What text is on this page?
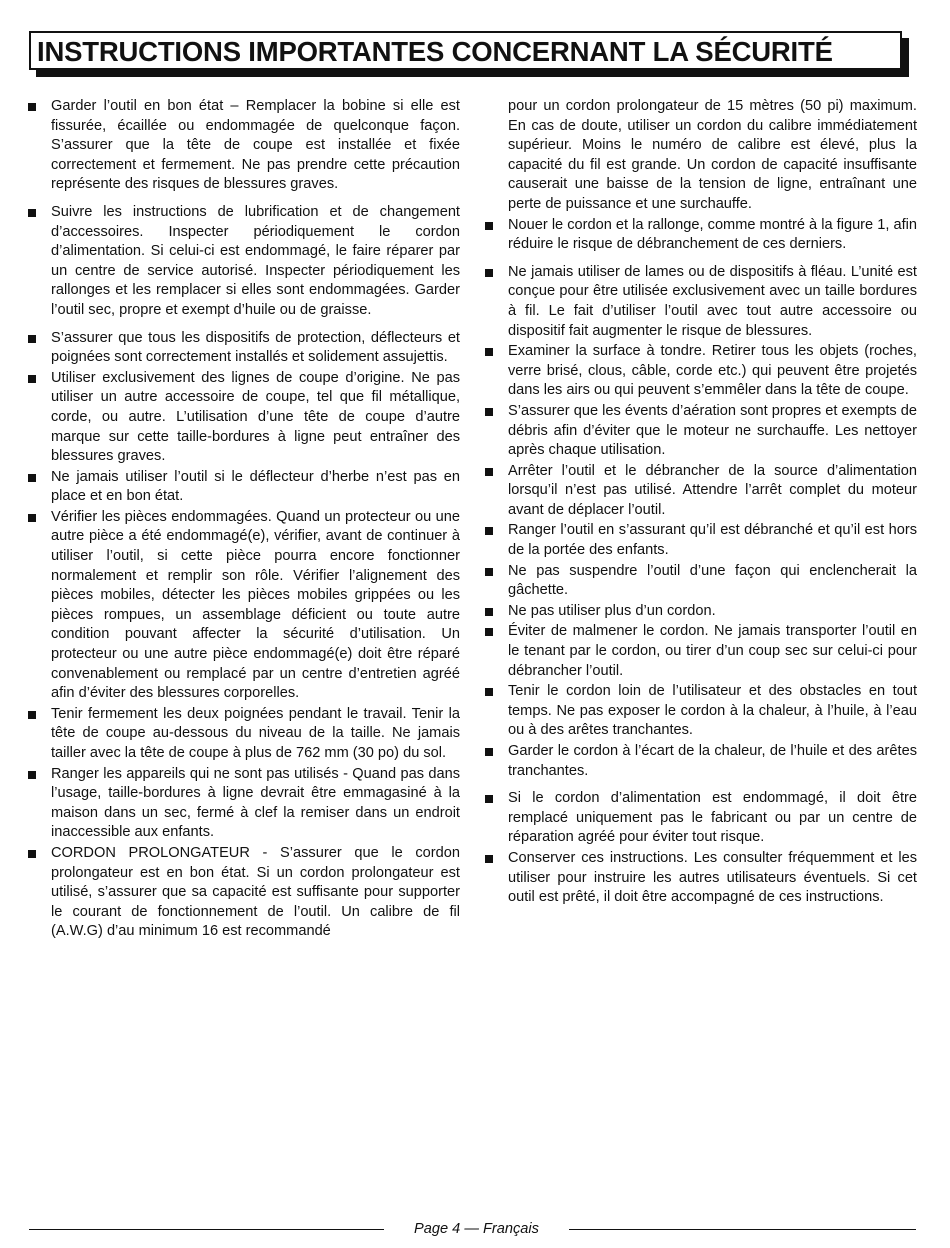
INSTRUCTIONS IMPORTANTES CONCERNANT LA SÉCURITÉ
Garder l’outil en bon état – Remplacer la bobine si elle est fissurée, écaillée ou endommagée de quelconque façon. S’assurer que la tête de coupe est installée et fixée correctement et fermement. Ne pas prendre cette précaution représente des risques de blessures graves.
Suivre les instructions de lubrification et de changement d’accessoires. Inspecter périodiquement le cordon d’alimentation. Si celui-ci est endommagé, le faire réparer par un centre de service autorisé. Inspecter périodiquement les rallonges et les remplacer si elles sont endommagées. Garder l’outil sec, propre et exempt d’huile ou de graisse.
S’assurer que tous les dispositifs de protection, déflecteurs et poignées sont correctement installés et solidement assujettis.
Utiliser exclusivement des lignes de coupe d’origine. Ne pas utiliser un autre accessoire de coupe, tel que fil métallique, corde, ou autre. L’utilisation d’une tête de coupe d’autre marque sur cette taille-bordures à ligne peut entraîner des blessures graves.
Ne jamais utiliser l’outil si le déflecteur d’herbe n’est pas en place et en bon état.
Vérifier les pièces endommagées. Quand un protecteur ou une autre pièce a été endommagé(e), vérifier, avant de continuer à utiliser l’outil, si cette pièce pourra encore fonctionner normalement et remplir son rôle. Vérifier l’alignement des pièces mobiles, détecter les pièces mobiles grippées ou les pièces rompues, un assemblage déficient ou toute autre condition pouvant affecter la sécurité d’utilisation. Un protecteur ou une autre pièce endommagé(e) doit être réparé convenablement ou remplacé par un centre d’entretien agréé afin d’éviter des blessures corporelles.
Tenir fermement les deux poignées pendant le travail. Tenir la tête de coupe au-dessous du niveau de la taille. Ne jamais tailler avec la tête de coupe à plus de 762 mm (30 po) du sol.
Ranger les appareils qui ne sont pas utilisés - Quand pas dans l’usage, taille-bordures à ligne devrait être emmagasiné à la maison dans un sec, fermé à clef la remiser dans un endroit inaccessible aux enfants.
CORDON PROLONGATEUR - S’assurer que le cordon prolongateur est en bon état. Si un cordon prolongateur est utilisé, s’assurer que sa capacité est suffisante pour supporter le courant de fonctionnement de l’outil. Un calibre de fil (A.W.G) d’au minimum 16 est recommandé
pour un cordon prolongateur de 15 mètres (50 pi) maximum. En cas de doute, utiliser un cordon du calibre immédiatement supérieur. Moins le numéro de calibre est élevé, plus la capacité du fil est grande. Un cordon de capacité insuffisante causerait une baisse de la tension de ligne, entraînant une perte de puissance et une surchauffe.
Nouer le cordon et la rallonge, comme montré à la figure 1, afin réduire le risque de débranchement de ces derniers.
Ne jamais utiliser de lames ou de dispositifs à fléau. L’unité est conçue pour être utilisée exclusivement avec un taille bordures à fil. Le fait d’utiliser l’outil avec tout autre accessoire ou dispositif fait augmenter le risque de blessures.
Examiner la surface à tondre. Retirer tous les objets (roches, verre brisé, clous, câble, corde etc.) qui peuvent être projetés dans les airs ou qui peuvent s’emmêler dans la tête de coupe.
S’assurer que les évents d’aération sont propres et exempts de débris afin d’éviter que le moteur ne surchauffe. Les nettoyer après chaque utilisation.
Arrêter l’outil et le débrancher de la source d’alimentation lorsqu’il n’est pas utilisé. Attendre l’arrêt complet du moteur avant de déplacer l’outil.
Ranger l’outil en s’assurant qu’il est débranché et qu’il est hors de la portée des enfants.
Ne pas suspendre l’outil d’une façon qui enclencherait la gâchette.
Ne pas utiliser plus d’un cordon.
Éviter de malmener le cordon. Ne jamais transporter l’outil en le tenant par le cordon, ou tirer d’un coup sec sur celui-ci pour débrancher l’outil.
Tenir le cordon loin de l’utilisateur et des obstacles en tout temps. Ne pas exposer le cordon à la chaleur, à l’huile, à l’eau ou à des arêtes tranchantes.
Garder le cordon à l’écart de la chaleur, de l’huile et des arêtes tranchantes.
Si le cordon d’alimentation est endommagé, il doit être remplacé uniquement pas le fabricant ou par un centre de réparation agréé pour éviter tout risque.
Conserver ces instructions. Les consulter fréquemment et les utiliser pour instruire les autres utilisateurs éventuels. Si cet outil est prêté, il doit être accompagné de ces instructions.
Page 4 — Français
